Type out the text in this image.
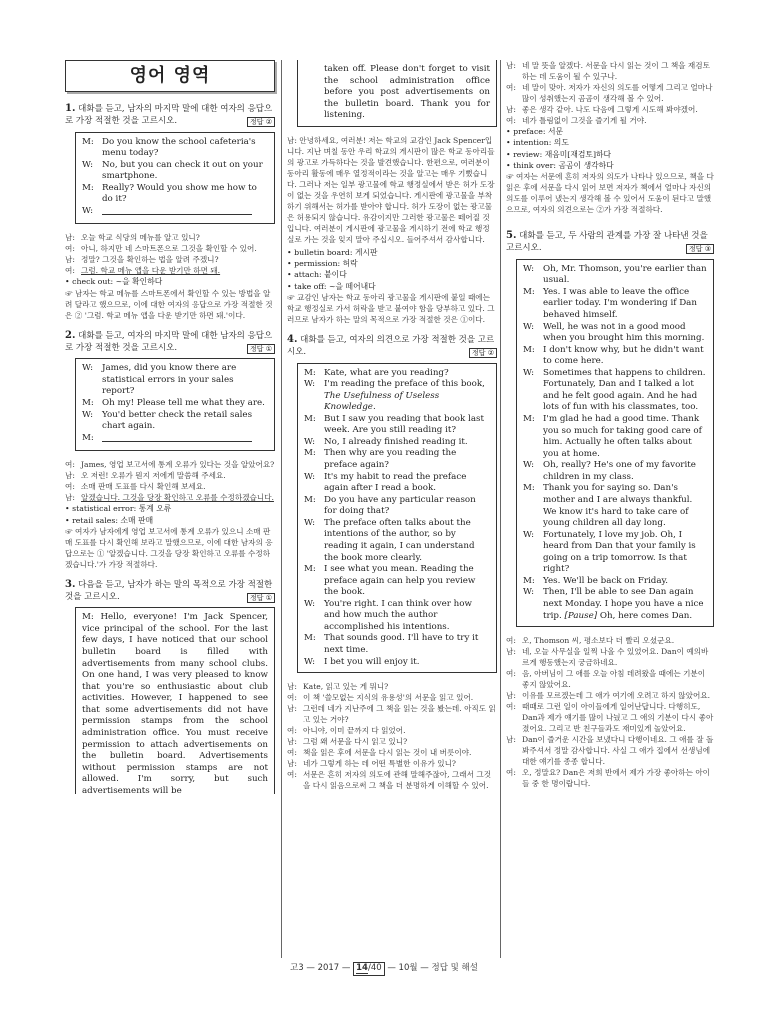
영어 영역
1. 대화를 듣고, 남자의 마지막 말에 대한 여자의 응답으로 가장 적절한 것을 고르시오.	정답 ②
M: Do you know the school cafeteria's menu today?
W:	No, but you can check it out on your smartphone.
M: Really? Would you show me how to do it?
W:
남: 오늘 학교 식당의 메뉴를 알고 있니?
여: 아니, 하지만 네 스마트폰으로 그것을 확인할 수 있어.
남: 정말? 그것을 확인하는 법을 알려 주겠니?
여: 그럼. 학교 메뉴 앱을 다운 받기만 하면 돼.
• check out: ~을 확인하다
☞ 남자는 학교 메뉴를 스마트폰에서 확인할 수 있는 방법을 알려 달라고 했으므로, 이에 대한 여자의 응답으로 가장 적절한 것은 ② '그럼. 학교 메뉴 앱을 다운 받기만 하면 돼.'이다.
2. 대화를 듣고, 여자의 마지막 말에 대한 남자의 응답으로 가장 적절한 것을 고르시오.	정답 ①
W:	James, did you know there are statistical errors in your sales report?
M: Oh my! Please tell me what they are.
W:	You'd better check the retail sales chart again.
M:
여: James, 영업 보고서에 통계 오류가 있다는 것을 알았어요?
남: 오 저런! 오류가 뭔지 저에게 말씀해 주세요.
여: 소매 판매 도표를 다시 확인해 보세요.
남: 알겠습니다. 그것을 당장 확인하고 오류를 수정하겠습니다.
• statistical error: 통계 오류
• retail sales: 소매 판매
☞ 여자가 남자에게 영업 보고서에 통계 오류가 있으니 소매 판매 도표를 다시 확인해 보라고 말했으므로, 이에 대한 남자의 응답으로는 ① '알겠습니다. 그것을 당장 확인하고 오류를 수정하겠습니다.'가 가장 적절하다.
3. 다음을 듣고, 남자가 하는 말의 목적으로 가장 적절한 것을 고르시오.	정답 ①
M: Hello, everyone! I'm Jack Spencer, vice principal of the school. For the last few days, I have noticed that our school bulletin board is filled with advertisements from many school clubs. On one hand, I was very pleased to know that you're so enthusiastic about club activities. However, I happened to see that some advertisements did not have permission stamps from the school administration office. You must receive permission to attach advertisements on the bulletin board. Advertisements without permission stamps are not allowed. I'm sorry, but such advertisements will be
taken off. Please don't forget to visit the school administration office before you post advertisements on the bulletin board. Thank you for listening.
남: 안녕하세요, 여러분! 저는 학교의 교감인 Jack Spencer입니다. 지난 며칠 동안 우리 학교의 게시판이 많은 학교 동아리들의 광고로 가득하다는 것을 발견했습니다. 한편으로, 여러분이 동아리 활동에 매우 열정적이라는 것을 알고는 매우 기뻤습니다. 그러나 저는 일부 광고물에 학교 행정실에서 받은 허가 도장이 없는 것을 우연히 보게 되었습니다. 게시판에 광고물을 부착하기 위해서는 허가를 받아야 합니다. 허가 도장이 없는 광고물은 허용되지 않습니다. 유감이지만 그러한 광고물은 떼어질 것입니다. 여러분이 게시판에 광고물을 게시하기 전에 학교 행정실로 가는 것을 잊지 말아 주십시오. 들어주셔서 감사합니다.
• bulletin board: 게시판
• permission: 허락
• attach: 붙이다
• take off: ~을 떼어내다
☞ 교감인 남자는 학교 동아리 광고물을 게시판에 붙일 때에는 학교 행정실로 가서 허락을 받고 붙여야 함을 당부하고 있다. 그러므로 남자가 하는 말의 목적으로 가장 적절한 것은 ①이다.
4. 대화를 듣고, 여자의 의견으로 가장 적절한 것을 고르시오.	정답 ②
M: Kate, what are you reading?
W:	I'm reading the preface of this book, The Usefulness of Useless Knowledge.
M: But I saw you reading that book last week. Are you still reading it?
W:	No, I already finished reading it.
M: Then why are you reading the preface again?
W:	It's my habit to read the preface again after I read a book.
M: Do you have any particular reason for doing that?
W:	The preface often talks about the intentions of the author, so by reading it again, I can understand the book more clearly.
M: I see what you mean. Reading the preface again can help you review the book.
W:	You're right. I can think over how and how much the author accomplished his intentions.
M: That sounds good. I'll have to try it next time.
W:	I bet you will enjoy it.
남: Kate, 읽고 있는 게 뭐니?
여: 이 책 '쓸모없는 지식의 유용성'의 서문을 읽고 있어.
남: 그런데 네가 지난주에 그 책을 읽는 것을 봤는데. 아직도 읽고 있는 거야?
여: 아니야, 이미 끝까지 다 읽었어.
남: 그럼 왜 서문을 다시 읽고 있니?
여: 책을 읽은 후에 서문을 다시 읽는 것이 내 버릇이야.
남: 네가 그렇게 하는 데 어떤 특별한 이유가 있니?
여: 서문은 흔히 저자의 의도에 관해 말해주잖아, 그래서 그것을 다시 읽음으로써 그 책을 더 분명하게 이해할 수 있어.
남: 네 말 뜻을 알겠다. 서문을 다시 읽는 것이 그 책을 재검토하는 데 도움이 될 수 있구나.
여: 네 말이 맞아. 저자가 자신의 의도를 어떻게 그리고 얼마나 많이 성취했는지 곰곰이 생각해 볼 수 있어.
남: 좋은 생각 같아. 나도 다음에 그렇게 시도해 봐야겠어.
여: 네가 틀림없이 그것을 즐기게 될 거야.
• preface: 서문
• intention: 의도
• review: 재음미[재검토]하다
• think over: 곰곰이 생각하다
☞ 여자는 서문에 흔히 저자의 의도가 나타나 있으므로, 책을 다 읽은 후에 서문을 다시 읽어 보면 저자가 책에서 얼마나 자신의 의도를 이루어 냈는지 생각해 볼 수 있어서 도움이 된다고 말했으므로, 여자의 의견으로는 ②가 가장 적절하다.
5. 대화를 듣고, 두 사람의 관계를 가장 잘 나타낸 것을 고르시오.	정답 ③
W:	Oh, Mr. Thomson, you're earlier than usual.
M: Yes. I was able to leave the office earlier today. I'm wondering if Dan behaved himself.
W:	Well, he was not in a good mood when you brought him this morning.
M: I don't know why, but he didn't want to come here.
W:	Sometimes that happens to children. Fortunately, Dan and I talked a lot and he felt good again. And he had lots of fun with his classmates, too.
M: I'm glad he had a good time. Thank you so much for taking good care of him. Actually he often talks about you at home.
W:	Oh, really? He's one of my favorite children in my class.
M: Thank you for saying so. Dan's mother and I are always thankful. We know it's hard to take care of young children all day long.
W:	Fortunately, I love my job. Oh, I heard from Dan that your family is going on a trip tomorrow. Is that right?
M: Yes. We'll be back on Friday.
W:	Then, I'll be able to see Dan again next Monday. I hope you have a nice trip. [Pause] Oh, here comes Dan.
여: 오, Thomson 씨, 평소보다 더 빨리 오셨군요.
남: 네, 오늘 사무실을 일찍 나올 수 있었어요. Dan이 예의바르게 행동했는지 궁금하네요.
여: 음, 아버님이 그 애를 오늘 아침 데려왔을 때에는 기분이 좋지 않았어요.
남: 이유를 모르겠는데 그 애가 여기에 오려고 하지 않았어요.
여: 때때로 그런 일이 아이들에게 일어난답니다. 다행히도, Dan과 제가 얘기를 많이 나눴고 그 애의 기분이 다시 좋아졌어요. 그리고 반 친구들과도 재미있게 놀았어요.
남: Dan이 즐거운 시간을 보냈다니 다행이네요. 그 애를 잘 돌봐주셔서 정말 감사합니다. 사실 그 애가 집에서 선생님에 대한 얘기를 종종 합니다.
여: 오, 정말요? Dan은 저희 반에서 제가 가장 좋아하는 아이들 중 한 명이랍니다.
고3 — 2017 — 14/40 — 10월 — 정답 및 해설
